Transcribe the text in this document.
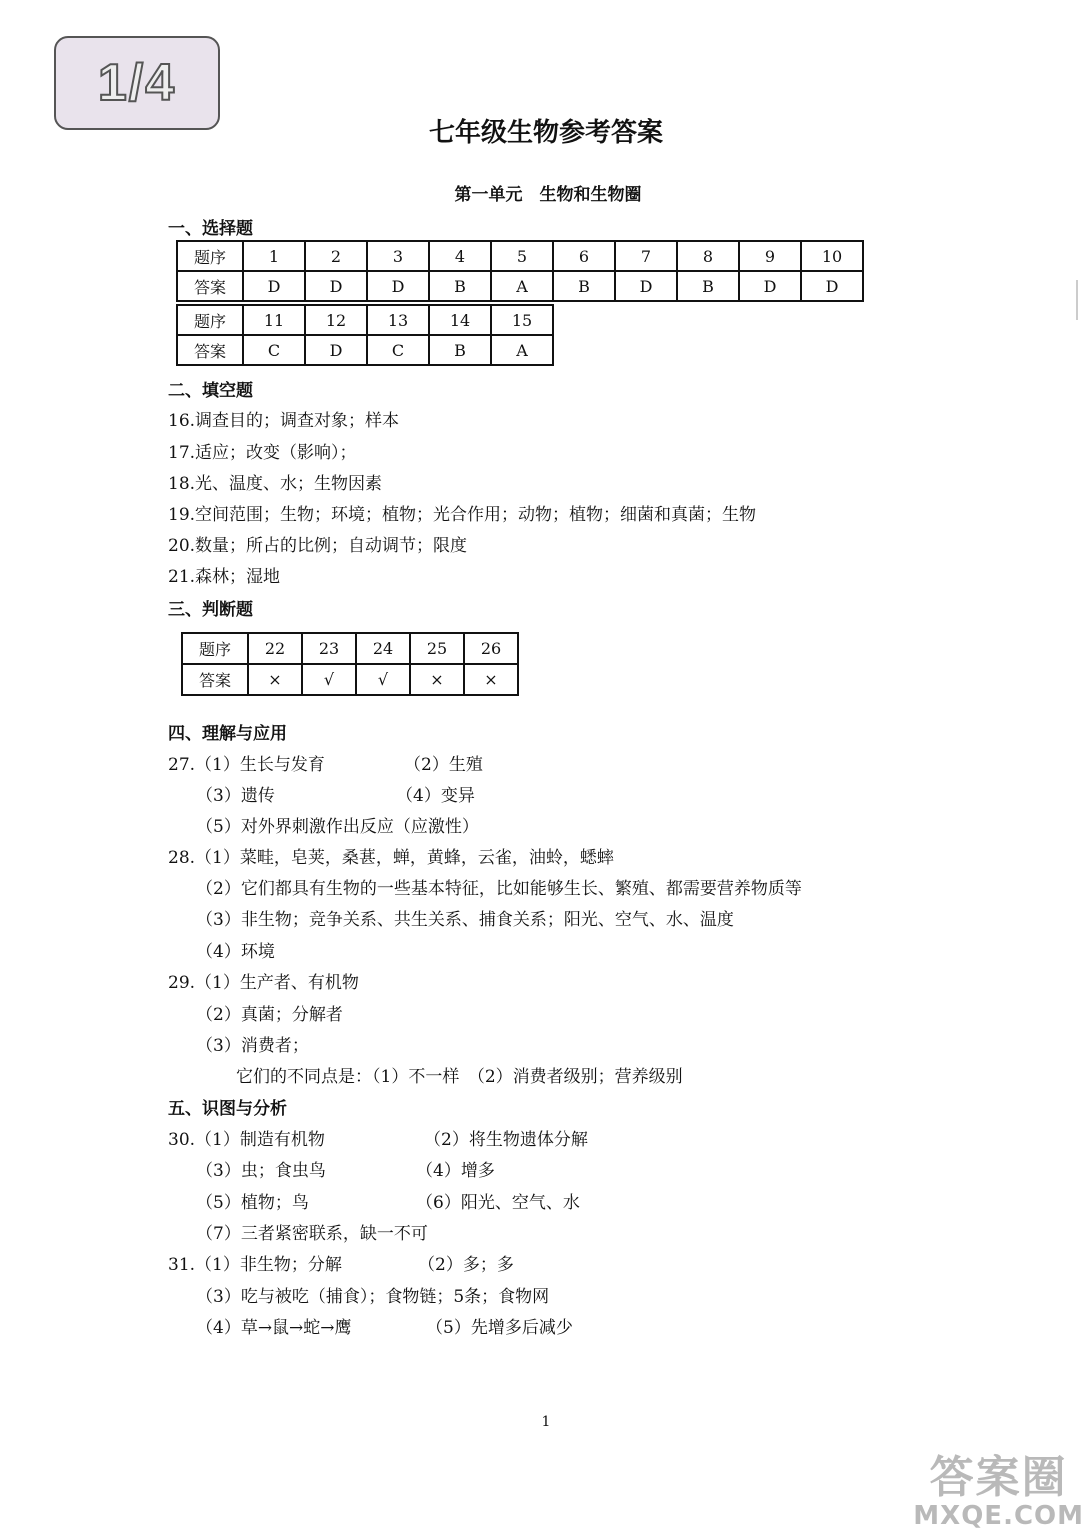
1/4
七年级生物参考答案
第一单元　生物和生物圈
一、选择题
题序	1	2	3	4	5	6	7	8	9	10
答案	D	D	D	B	A	B	D	B	D	D
题序	11	12	13	14	15
答案	C	D	C	B	A
二、填空题
16.调查目的；调查对象；样本
17.适应；改变（影响）；
18.光、温度、水；生物因素
19.空间范围；生物；环境；植物；光合作用；动物；植物；细菌和真菌；生物
20.数量；所占的比例；自动调节；限度
21.森林；湿地
三、判断题
题序	22	23	24	25	26
答案	×	√	√	×	×
四、理解与应用
27.（1）生长与发育	（2）生殖
（3）遗传	（4）变异
（5）对外界刺激作出反应（应激性）
28.（1）菜畦，皂荚，桑葚，蝉，黄蜂，云雀，油蛉，蟋蟀
（2）它们都具有生物的一些基本特征，比如能够生长、繁殖、都需要营养物质等
（3）非生物；竞争关系、共生关系、捕食关系；阳光、空气、水、温度
（4）环境
29.（1）生产者、有机物
（2）真菌；分解者
（3）消费者；
它们的不同点是：（1）不一样　（2）消费者级别；营养级别
五、识图与分析
30.（1）制造有机物	（2）将生物遗体分解
（3）虫；食虫鸟	（4）增多
（5）植物；鸟	（6）阳光、空气、水
（7）三者紧密联系，缺一不可
31.（1）非生物；分解	（2）多；多
（3）吃与被吃（捕食）；食物链；5条；食物网
（4）草→鼠→蛇→鹰	（5）先增多后减少
1
答案圈
MXQE.COM
